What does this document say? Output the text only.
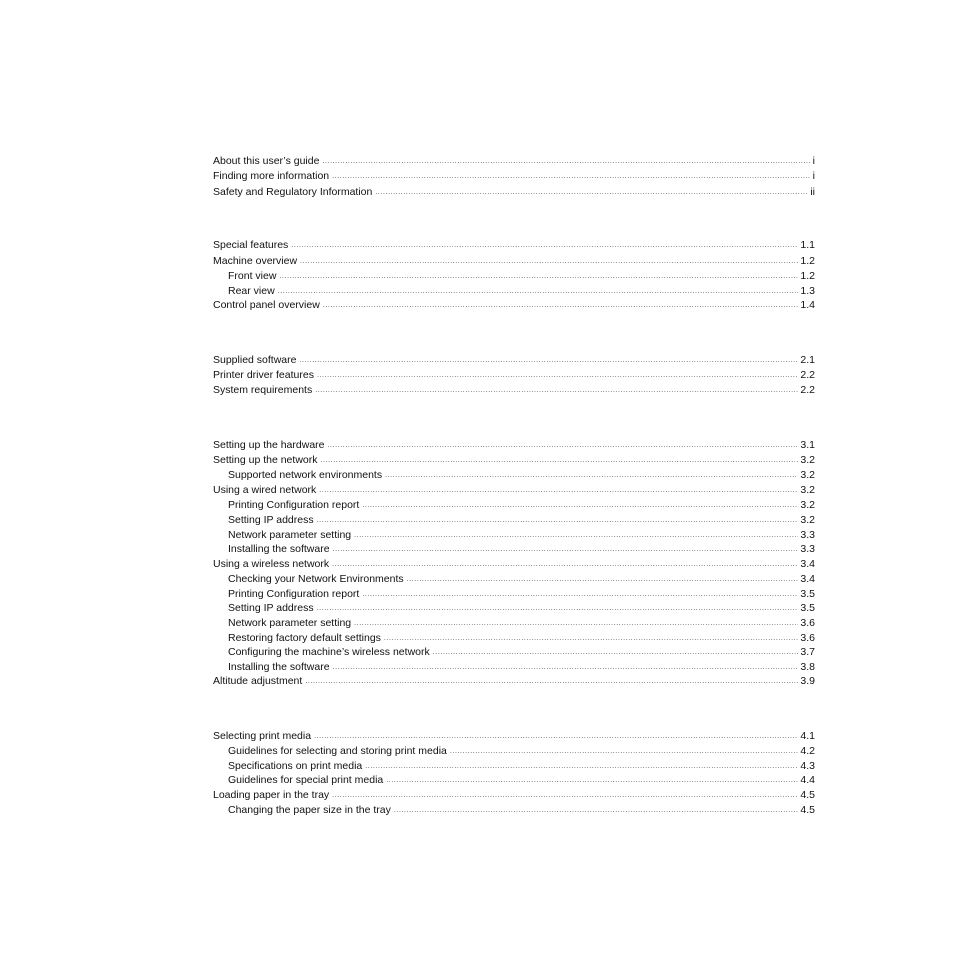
About this user’s guide .....	i
Finding more information .....	i
Safety and Regulatory Information .....	ii
Special features .....	1.1
Machine overview .....	1.2
Front view .....	1.2
Rear view .....	1.3
Control panel overview .....	1.4
Supplied software .....	2.1
Printer driver features .....	2.2
System requirements .....	2.2
Setting up the hardware .....	3.1
Setting up the network .....	3.2
Supported network environments .....	3.2
Using a wired network .....	3.2
Printing Configuration report .....	3.2
Setting IP address .....	3.2
Network parameter setting .....	3.3
Installing the software .....	3.3
Using a wireless network .....	3.4
Checking your Network Environments .....	3.4
Printing Configuration report .....	3.5
Setting IP address .....	3.5
Network parameter setting .....	3.6
Restoring factory default settings .....	3.6
Configuring the machine’s wireless network .....	3.7
Installing the software .....	3.8
Altitude adjustment .....	3.9
Selecting print media .....	4.1
Guidelines for selecting and storing print media .....	4.2
Specifications on print media .....	4.3
Guidelines for special print media .....	4.4
Loading paper in the tray .....	4.5
Changing the paper size in the tray .....	4.5
